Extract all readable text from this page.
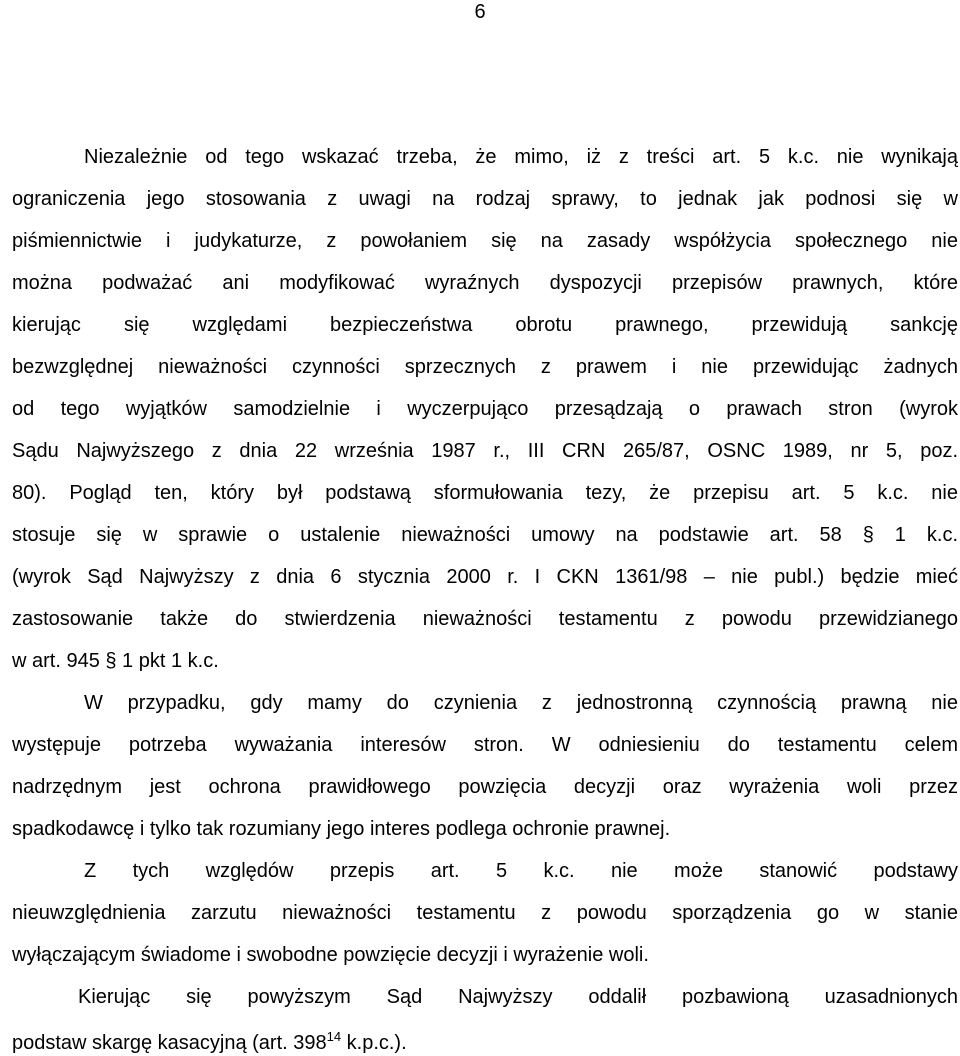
6
Niezależnie od tego wskazać trzeba, że mimo, iż z treści art. 5 k.c. nie wynikają
ograniczenia jego stosowania z uwagi na rodzaj sprawy, to jednak jak podnosi się w
piśmiennictwie i judykaturze, z powołaniem się na zasady współżycia społecznego nie
można podważać ani modyfikować wyraźnych dyspozycji przepisów prawnych, które
kierując się względami bezpieczeństwa obrotu prawnego, przewidują sankcję
bezwzględnej nieważności czynności sprzecznych z prawem i nie przewidując żadnych
od tego wyjątków samodzielnie i wyczerpująco przesądzają o prawach stron (wyrok
Sądu Najwyższego z dnia 22 września 1987 r., III CRN 265/87, OSNC 1989, nr 5, poz.
80). Pogląd ten, który był podstawą sformułowania tezy, że przepisu art. 5 k.c. nie
stosuje się w sprawie o ustalenie nieważności umowy na podstawie art. 58 § 1 k.c.
(wyrok Sąd Najwyższy z dnia 6 stycznia 2000 r. I CKN 1361/98 – nie publ.) będzie mieć
zastosowanie także do stwierdzenia nieważności testamentu z powodu przewidzianego
w art. 945 § 1 pkt 1 k.c.
W przypadku, gdy mamy do czynienia z jednostronną czynnością prawną nie
występuje potrzeba wyważania interesów stron. W odniesieniu do testamentu celem
nadrzędnym jest ochrona prawidłowego powzięcia decyzji oraz wyrażenia woli przez
spadkodawcę i tylko tak rozumiany jego interes podlega ochronie prawnej.
Z tych względów przepis art. 5 k.c. nie może stanowić podstawy
nieuwzględnienia zarzutu nieważności testamentu z powodu sporządzenia go w stanie
wyłączającym świadome i swobodne powzięcie decyzji i wyrażenie woli.
Kierując się powyższym Sąd Najwyższy oddalił pozbawioną uzasadnionych
podstaw skargę kasacyjną (art. $398^{14}$ k.p.c.).
